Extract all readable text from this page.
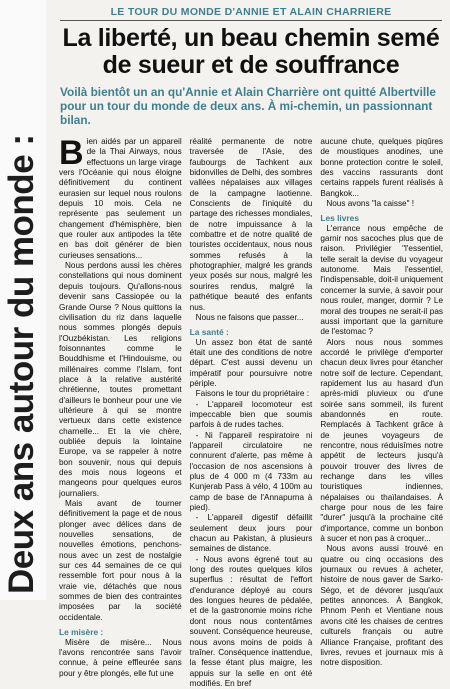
Deux ans autour du monde :
LE TOUR DU MONDE D'ANNIE ET ALAIN CHARRIERE
La liberté, un beau chemin semé de sueur et de souffrance
Voilà bientôt un an qu'Annie et Alain Charrière ont quitté Albertville pour un tour du monde de deux ans. À mi-chemin, un passionnant bilan.

Bien aidés par un appareil de la Thai Airways, nous effectuons un large virage vers l'Océanie qui nous éloigne définitivement du continent eurasien sur lequel nous roulons depuis 10 mois. Cela ne représente pas seulement un changement d'hémisphère, bien que rouler aux antipodes la tête en bas doit générer de bien curieuses sensations...

Nous perdons aussi les chères constellations qui nous dominent depuis toujours. Qu'allons-nous devenir sans Cassiopée ou la Grande Ourse ? Nous quittons la civilisation du riz dans laquelle nous sommes plongés depuis l'Ouzbékistan. Les religions foisonnantes comme le Bouddhisme et l'Hindouisme, ou millénaires comme l'Islam, font place à la relative austérité chrétienne, toutes promettant d'ailleurs le bonheur pour une vie ultérieure à qui se montre vertueux dans cette existence charnelle... Et la vie chère, oubliée depuis la lointaine Europe, va se rappeler à notre bon souvenir, nous qui depuis des mois nous logeons et mangeons pour quelques euros journaliers.

Mais avant de tourner définitivement la page et de nous plonger avec délices dans de nouvelles sensations, de nouvelles émotions, penchons-nous avec un zest de nostalgie sur ces 44 semaines de ce qui ressemble fort pour nous à la vraie vie, détachés que nous sommes de bien des contraintes imposées par la société occidentale.

Le misère :

Misère de misère... Nous l'avons rencontrée sans l'avoir connue, à peine effleurée sans pour y être plongés, elle fut une

réalité permanente de notre traversée de l'Asie, des faubourgs de Tachkent aux bidonvilles de Delhi, des sombres vallées népalaises aux villages de la campagne laotienne. Conscients de l'iniquité du partage des richesses mondiales, de notre impuissance à la combattre et de notre qualité de touristes occidentaux, nous nous sommes refusés à la photographier, malgré les grands yeux posés sur nous, malgré les sourires rendus, malgré la pathétique beauté des enfants nus.

Nous ne faisons que passer...

La santé :

Un assez bon état de santé était une des conditions de notre départ. C'est aussi devenu un impératif pour poursuivre notre périple.

Faisons le tour du propriétaire :

- L'appareil locomoteur est impeccable bien que soumis parfois à de rudes taches.

- Ni l'appareil respiratoire ni l'appareil circulatoire ne connurent d'alerte, pas même à l'occasion de nos ascensions à plus de 4 000 m (4 733m au Kunjerab Pass à vélo, 4 100m au camp de base de l'Annapurna à pied).

- L'appareil digestif défaillit seulement deux jours pour chacun au Pakistan, à plusieurs semaines de distance.

- Nous avons égrené tout au long des routes quelques kilos superflus : résultat de l'effort d'endurance déployé au cours des longues heures de pédalée, et de la gastronomie moins riche dont nous nous contentâmes souvent. Conséquence heureuse, nous avons moins de poids à traîner. Conséquence inattendue, la fesse étant plus maigre, les appuis sur la selle en ont été modifiés. En bref

aucune chute, quelques piqûres de moustiques anodines, une bonne protection contre le soleil, des vaccins rassurants dont certains rappels furent réalisés à Bangkok...

Nous avons "la caisse" !

Les livres

L'errance nous empêche de garnir nos sacoches plus que de raison. Privilégier "l'essentiel, telle serait la devise du voyageur autonome. Mais l'essentiel, l'indispensable, doit-il uniquement concerner la survie, à savoir pour nous rouler, manger, dormir ? Le moral des troupes ne serait-il pas aussi important que la garniture de l'estomac ?

Alors nous nous sommes accordé le privilège d'emporter chacun deux livres pour étancher notre soif de lecture. Cependant, rapidement lus au hasard d'un après-midi pluvieux ou d'une soirée sans sommeil, ils furent abandonnés en route. Remplacés à Tachkent grâce à de jeunes voyageurs de rencontre, nous réduisîmes notre appétit de lecteurs jusqu'à pouvoir trouver des livres de rechange dans les villes touristiques indiennes, népalaises ou thaïlandaises. À charge pour nous de les faire "durer" jusqu'à la prochaine cité d'importance, comme un bonbon à sucer et non pas à croquer...

Nous avons aussi trouvé en quatre ou cinq occasions des journaux ou revues à acheter, histoire de nous gaver de Sarko-Ségo, et de dévorer jusqu'aux petites annonces. À Bangkok, Phnom Penh et Vientiane nous avons cité les chaises de centres culturels français ou autre Alliance Française, profitant des livres, revues et journaux mis à notre disposition.
